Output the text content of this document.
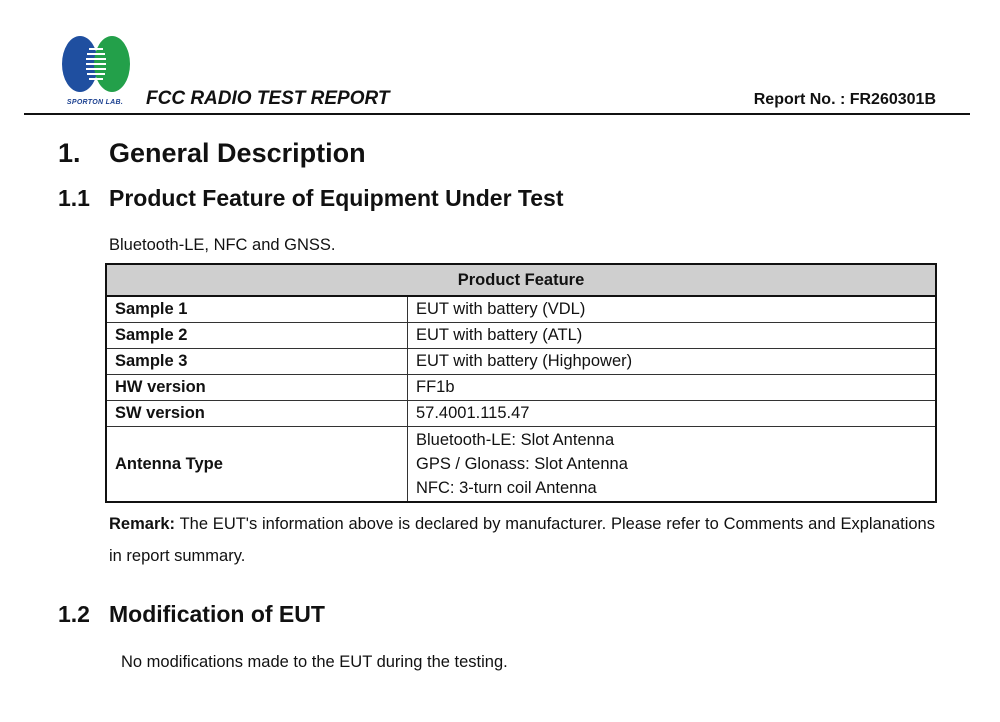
SPORTON LAB.	FCC RADIO TEST REPORT	Report No. : FR260301B
1. General Description
1.1 Product Feature of Equipment Under Test
Bluetooth-LE, NFC and GNSS.
Product Feature	
Sample 1	EUT with battery (VDL)
Sample 2	EUT with battery (ATL)
Sample 3	EUT with battery (Highpower)
HW version	FF1b
SW version	57.4001.115.47
Antenna Type	Bluetooth-LE: Slot Antenna
GPS / Glonass: Slot Antenna
NFC: 3-turn coil Antenna
Remark: The EUT's information above is declared by manufacturer. Please refer to Comments and Explanations in report summary.
1.2 Modification of EUT
No modifications made to the EUT during the testing.
